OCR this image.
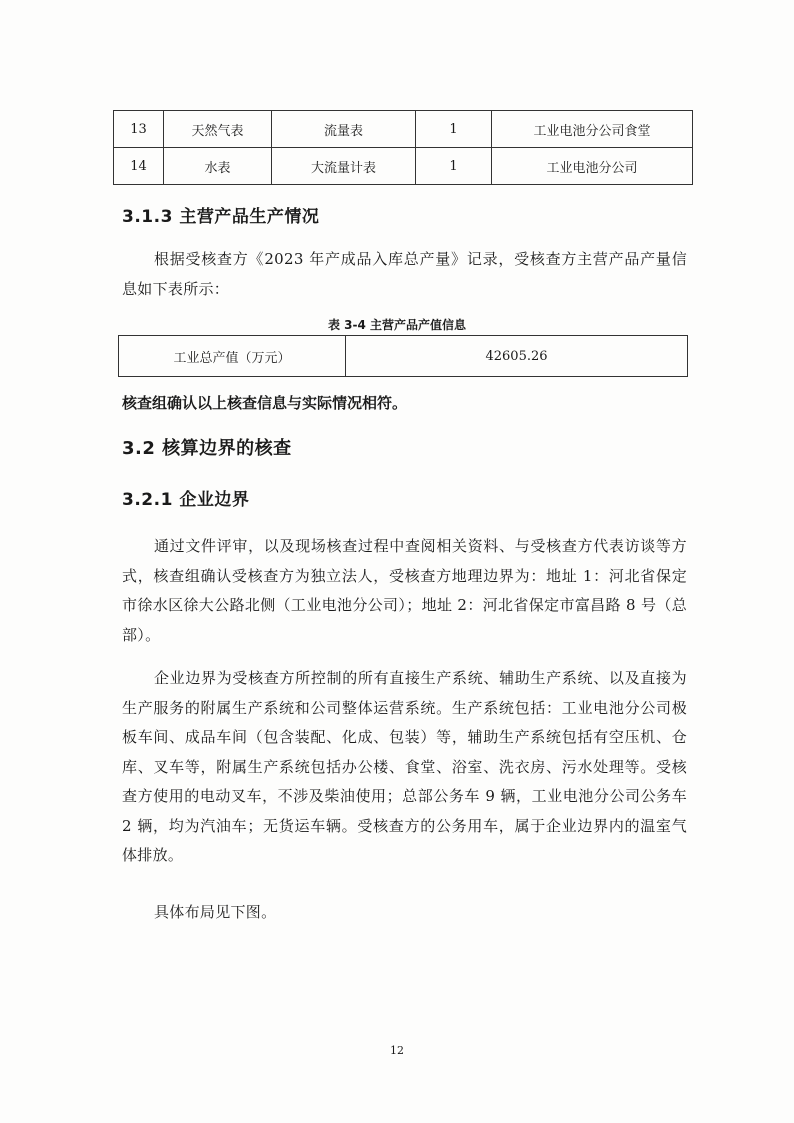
13	天然气表	流量表	1	工业电池分公司食堂
14	水表	大流量计表	1	工业电池分公司
3.1.3 主营产品生产情况
根据受核查方《2023 年产成品入库总产量》记录，受核查方主营产品产量信息如下表所示：
表 3-4 主营产品产值信息
工业总产值（万元）	42605.26
核查组确认以上核查信息与实际情况相符。
3.2 核算边界的核查
3.2.1 企业边界
通过文件评审，以及现场核查过程中查阅相关资料、与受核查方代表访谈等方式，核查组确认受核查方为独立法人，受核查方地理边界为：地址 1：河北省保定市徐水区徐大公路北侧（工业电池分公司）；地址 2：河北省保定市富昌路 8 号（总部）。
企业边界为受核查方所控制的所有直接生产系统、辅助生产系统、以及直接为生产服务的附属生产系统和公司整体运营系统。生产系统包括：工业电池分公司极板车间、成品车间（包含装配、化成、包装）等，辅助生产系统包括有空压机、仓库、叉车等，附属生产系统包括办公楼、食堂、浴室、洗衣房、污水处理等。受核查方使用的电动叉车，不涉及柴油使用；总部公务车 9 辆，工业电池分公司公务车 2 辆，均为汽油车；无货运车辆。受核查方的公务用车，属于企业边界内的温室气体排放。
具体布局见下图。
12
